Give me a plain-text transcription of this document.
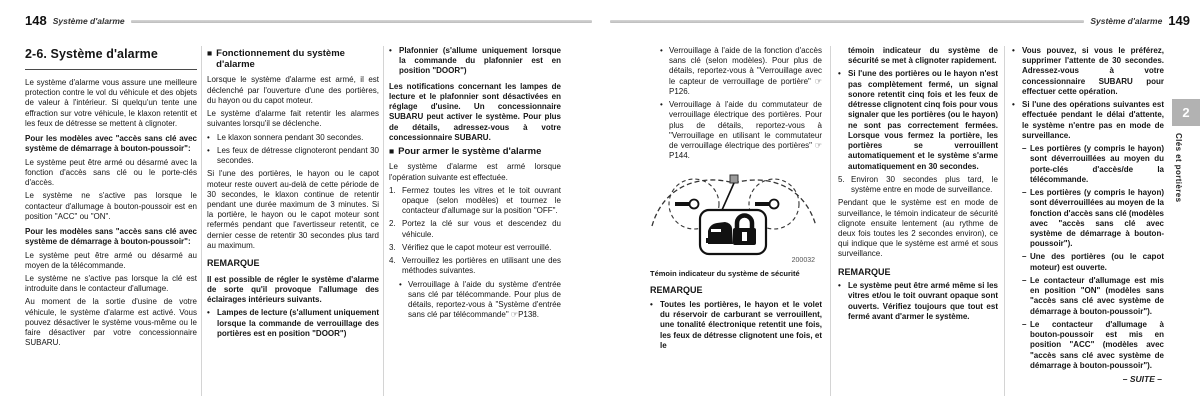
148 Système d'alarme	Système d'alarme 149
2-6. Système d'alarme
Le système d'alarme vous assure une meilleure protection contre le vol du véhicule et des objets de valeur à l'intérieur. Si quelqu'un tente une effraction sur votre véhicule, le klaxon retentit et les feux de détresse se mettent à clignoter.
Pour les modèles avec "accès sans clé avec système de démarrage à bouton-poussoir":
Le système peut être armé ou désarmé avec la fonction d'accès sans clé ou le porte-clés d'accès.
Le système ne s'active pas lorsque le contacteur d'allumage à bouton-poussoir est en position "ACC" ou "ON".
Pour les modèles sans "accès sans clé avec système de démarrage à bouton-poussoir":
Le système peut être armé ou désarmé au moyen de la télécommande.
Le système ne s'active pas lorsque la clé est introduite dans le contacteur d'allumage.
Au moment de la sortie d'usine de votre véhicule, le système d'alarme est activé. Vous pouvez désactiver le système vous-même ou le faire désactiver par votre concessionnaire SUBARU.
■ Fonctionnement du système d'alarme
Lorsque le système d'alarme est armé, il est déclenché par l'ouverture d'une des portières, du hayon ou du capot moteur.
Le système d'alarme fait retentir les alarmes suivantes lorsqu'il se déclenche.
• Le klaxon sonnera pendant 30 secondes.
• Les feux de détresse clignoteront pendant 30 secondes.
Si l'une des portières, le hayon ou le capot moteur reste ouvert au-delà de cette période de 30 secondes, le klaxon continue de retentir pendant une durée maximum de 3 minutes. Si la portière, le hayon ou le capot moteur sont refermés pendant que l'avertisseur retentit, ce dernier cesse de retentir 30 secondes plus tard au maximum.
REMARQUE
Il est possible de régler le système d'alarme de sorte qu'il provoque l'allumage des éclairages intérieurs suivants.
• Lampes de lecture (s'allument uniquement lorsque la commande de verrouillage des portières est en position "DOOR")
• Plafonnier (s'allume uniquement lorsque la commande du plafonnier est en position "DOOR")
Les notifications concernant les lampes de lecture et le plafonnier sont désactivées en réglage d'usine. Un concessionnaire SUBARU peut activer le système. Pour plus de détails, adressez-vous à votre concessionnaire SUBARU.
■ Pour armer le système d'alarme
Le système d'alarme est armé lorsque l'opération suivante est effectuée.
1. Fermez toutes les vitres et le toit ouvrant opaque (selon modèles) et tournez le contacteur d'allumage sur la position "OFF".
2. Portez la clé sur vous et descendez du véhicule.
3. Vérifiez que le capot moteur est verrouillé.
4. Verrouillez les portières en utilisant une des méthodes suivantes.
• Verrouillage à l'aide du système d'entrée sans clé par télécommande. Pour plus de détails, reportez-vous à "Système d'entrée sans clé par télécommande" ☞P138.
• Verrouillage à l'aide de la fonction d'accès sans clé (selon modèles). Pour plus de détails, reportez-vous à "Verrouillage avec le capteur de verrouillage de portière" ☞P126.
• Verrouillage à l'aide du commutateur de verrouillage électrique des portières. Pour plus de détails, reportez-vous à "Verrouillage en utilisant le commutateur de verrouillage électrique des portières" ☞P144.
200032
Témoin indicateur du système de sécurité
REMARQUE
• Toutes les portières, le hayon et le volet du réservoir de carburant se verrouillent, une tonalité électronique retentit une fois, les feux de détresse clignotent une fois, et le
témoin indicateur du système de sécurité se met à clignoter rapidement.
• Si l'une des portières ou le hayon n'est pas complètement fermé, un signal sonore retentit cinq fois et les feux de détresse clignotent cinq fois pour vous signaler que les portières (ou le hayon) ne sont pas correctement fermées. Lorsque vous fermez la portière, les portières se verrouillent automatiquement et le système s'arme automatiquement en 30 secondes.
5. Environ 30 secondes plus tard, le système entre en mode de surveillance.
Pendant que le système est en mode de surveillance, le témoin indicateur de sécurité clignote ensuite lentement (au rythme de deux fois toutes les 2 secondes environ), ce qui indique que le système est armé et sous surveillance.
REMARQUE
• Le système peut être armé même si les vitres et/ou le toit ouvrant opaque sont ouverts. Vérifiez toujours que tout est fermé avant d'armer le système.
• Vous pouvez, si vous le préférez, supprimer l'attente de 30 secondes. Adressez-vous à votre concessionnaire SUBARU pour effectuer cette opération.
• Si l'une des opérations suivantes est effectuée pendant le délai d'attente, le système n'entre pas en mode de surveillance.
– Les portières (y compris le hayon) sont déverrouillées au moyen du porte-clés d'accès/de la télécommande.
– Les portières (y compris le hayon) sont déverrouillées au moyen de la fonction d'accès sans clé (modèles avec "accès sans clé avec système de démarrage à bouton-poussoir").
– Une des portières (ou le capot moteur) est ouverte.
– Le contacteur d'allumage est mis en position "ON" (modèles sans "accès sans clé avec système de démarrage à bouton-poussoir").
– Le contacteur d'allumage à bouton-poussoir est mis en position "ACC" (modèles avec "accès sans clé avec système de démarrage à bouton-poussoir").
2
Clés et portières
– SUITE –
